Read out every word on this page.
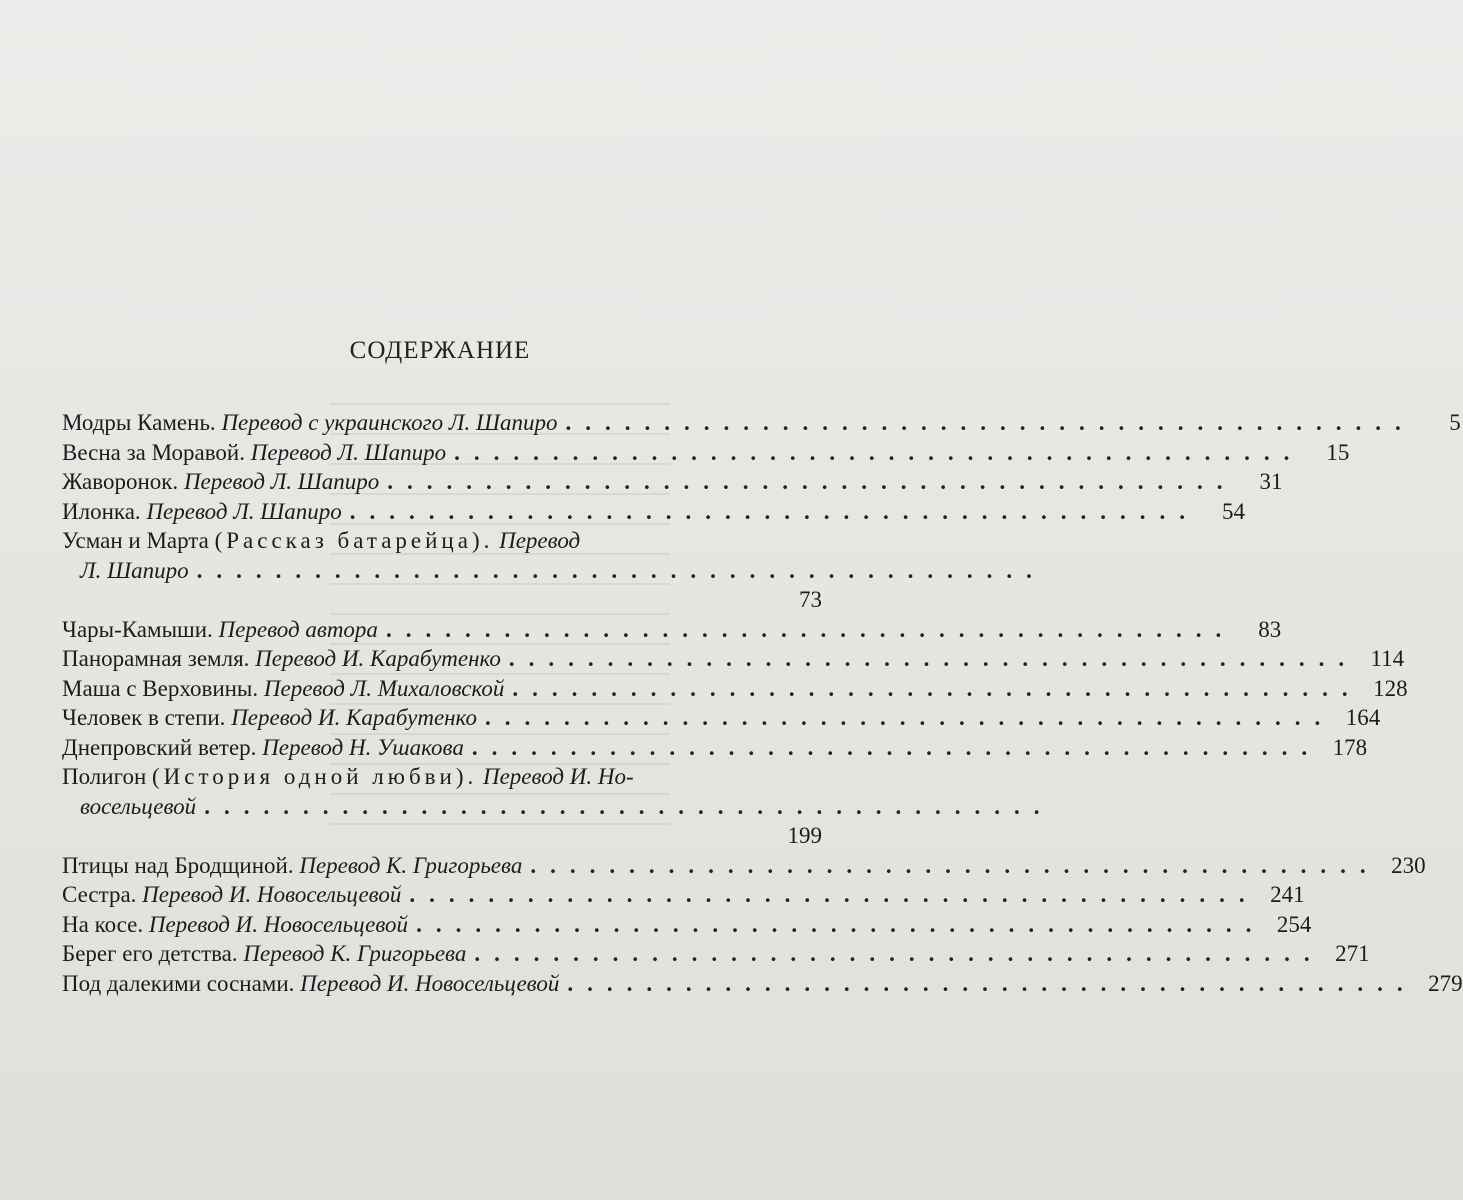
СОДЕРЖАНИЕ
Модры Камень. Перевод с украинского Л. Шапиро ...........................................	5
Весна за Моравой. Перевод Л. Шапиро ...........................................	15
Жаворонок. Перевод Л. Шапиро ...........................................	31
Илонка. Перевод Л. Шапиро ...........................................	54
Усман и Марта (Рассказ батарейца). Перевод
Л. Шапиро ...........................................
73
Чары-Камыши. Перевод автора ...........................................	83
Панорамная земля. Перевод И. Карабутенко ........................................... 114
Маша с Верховины. Перевод Л. Михаловской ........................................... 128
Человек в степи. Перевод И. Карабутенко ........................................... 164
Днепровский ветер. Перевод Н. Ушакова ........................................... 178
Полигон (История одной любви). Перевод И. Но-
восельцевой ...........................................
199
Птицы над Бродщиной. Перевод К. Григорьева ........................................... 230
Сестра. Перевод И. Новосельцевой ........................................... 241
На косе. Перевод И. Новосельцевой ........................................... 254
Берег его детства. Перевод К. Григорьева ........................................... 271
Под далекими соснами. Перевод И. Новосельцевой ........................................... 279
